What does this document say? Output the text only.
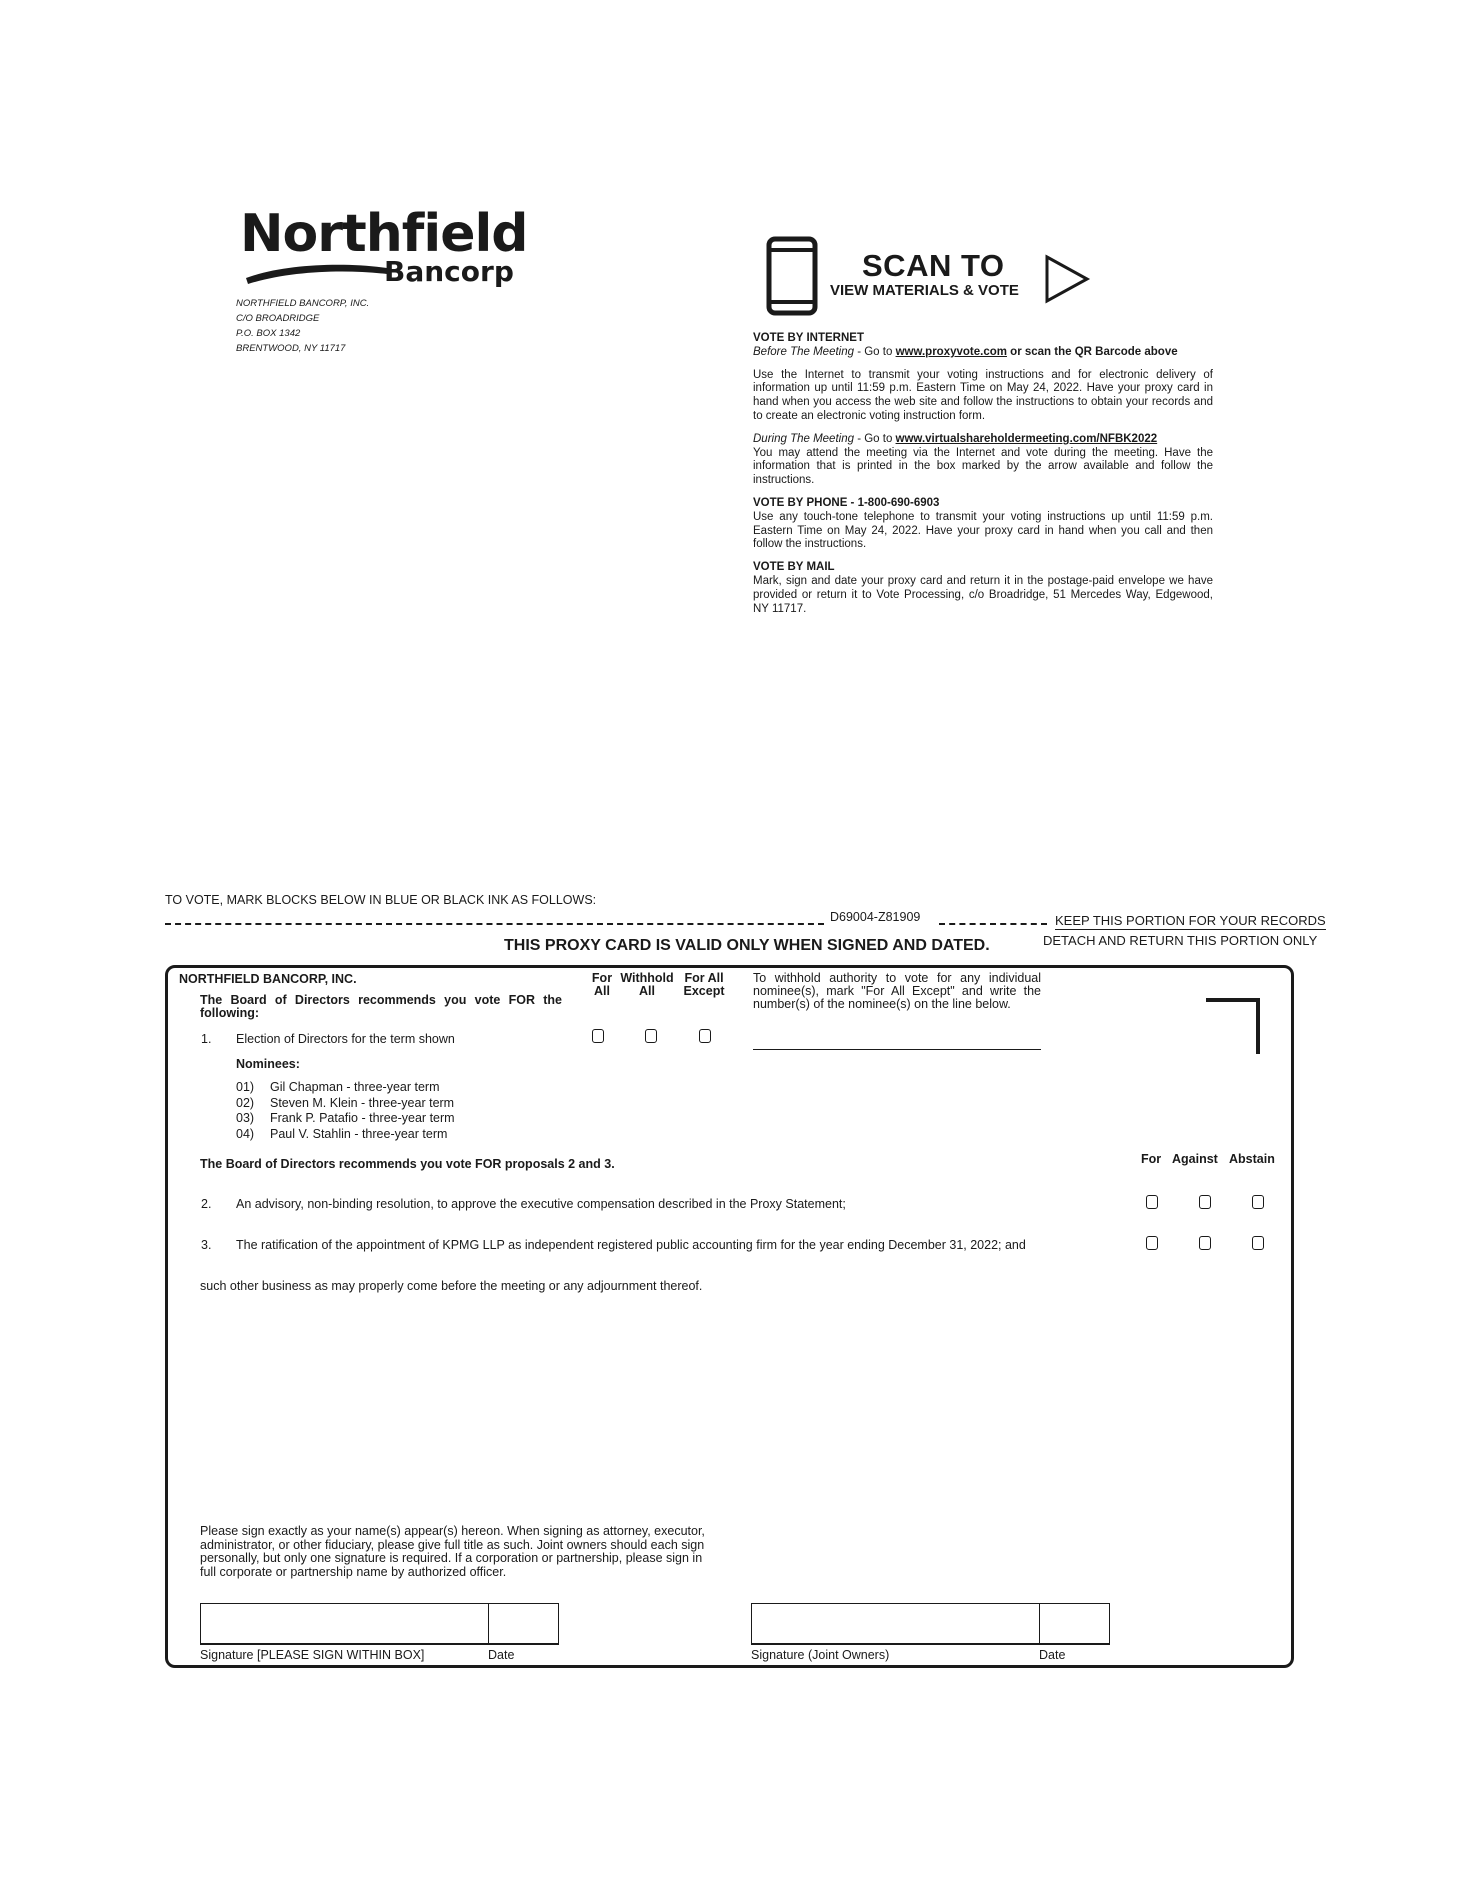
Northfield
Bancorp
NORTHFIELD BANCORP, INC.
C/O BROADRIDGE
P.O. BOX 1342
BRENTWOOD, NY 11717
SCAN TO
VIEW MATERIALS & VOTE
VOTE BY INTERNET

Before The Meeting - Go to www.proxyvote.com or scan the QR Barcode above

Use the Internet to transmit your voting instructions and for electronic delivery of information up until 11:59 p.m. Eastern Time on May 24, 2022. Have your proxy card in hand when you access the web site and follow the instructions to obtain your records and to create an electronic voting instruction form.

During The Meeting - Go to www.virtualshareholdermeeting.com/NFBK2022

You may attend the meeting via the Internet and vote during the meeting. Have the information that is printed in the box marked by the arrow available and follow the instructions.

VOTE BY PHONE - 1-800-690-6903

Use any touch-tone telephone to transmit your voting instructions up until 11:59 p.m. Eastern Time on May 24, 2022. Have your proxy card in hand when you call and then follow the instructions.

VOTE BY MAIL

Mark, sign and date your proxy card and return it in the postage-paid envelope we have provided or return it to Vote Processing, c/o Broadridge, 51 Mercedes Way, Edgewood, NY 11717.

TO VOTE, MARK BLOCKS BELOW IN BLUE OR BLACK INK AS FOLLOWS:
D69004-Z81909	KEEP THIS PORTION FOR YOUR RECORDS
DETACH AND RETURN THIS PORTION ONLY
THIS PROXY CARD IS VALID ONLY WHEN SIGNED AND DATED.
NORTHFIELD BANCORP, INC.
The Board of Directors recommends you vote FOR the following:
For All
Withhold All
For All Except
To withhold authority to vote for any individual nominee(s), mark "For All Except" and write the number(s) of the nominee(s) on the line below.
1. Election of Directors for the term shown
Nominees:
01) Gil Chapman - three-year term
02) Steven M. Klein - three-year term
03) Frank P. Patafio - three-year term
04) Paul V. Stahlin - three-year term
The Board of Directors recommends you vote FOR proposals 2 and 3.	For Against Abstain
2. An advisory, non-binding resolution, to approve the executive compensation described in the Proxy Statement;
3. The ratification of the appointment of KPMG LLP as independent registered public accounting firm for the year ending December 31, 2022; and
such other business as may properly come before the meeting or any adjournment thereof.
Please sign exactly as your name(s) appear(s) hereon. When signing as attorney, executor, administrator, or other fiduciary, please give full title as such. Joint owners should each sign personally, but only one signature is required. If a corporation or partnership, please sign in full corporate or partnership name by authorized officer.
Signature [PLEASE SIGN WITHIN BOX]	Date	Signature (Joint Owners)	Date
